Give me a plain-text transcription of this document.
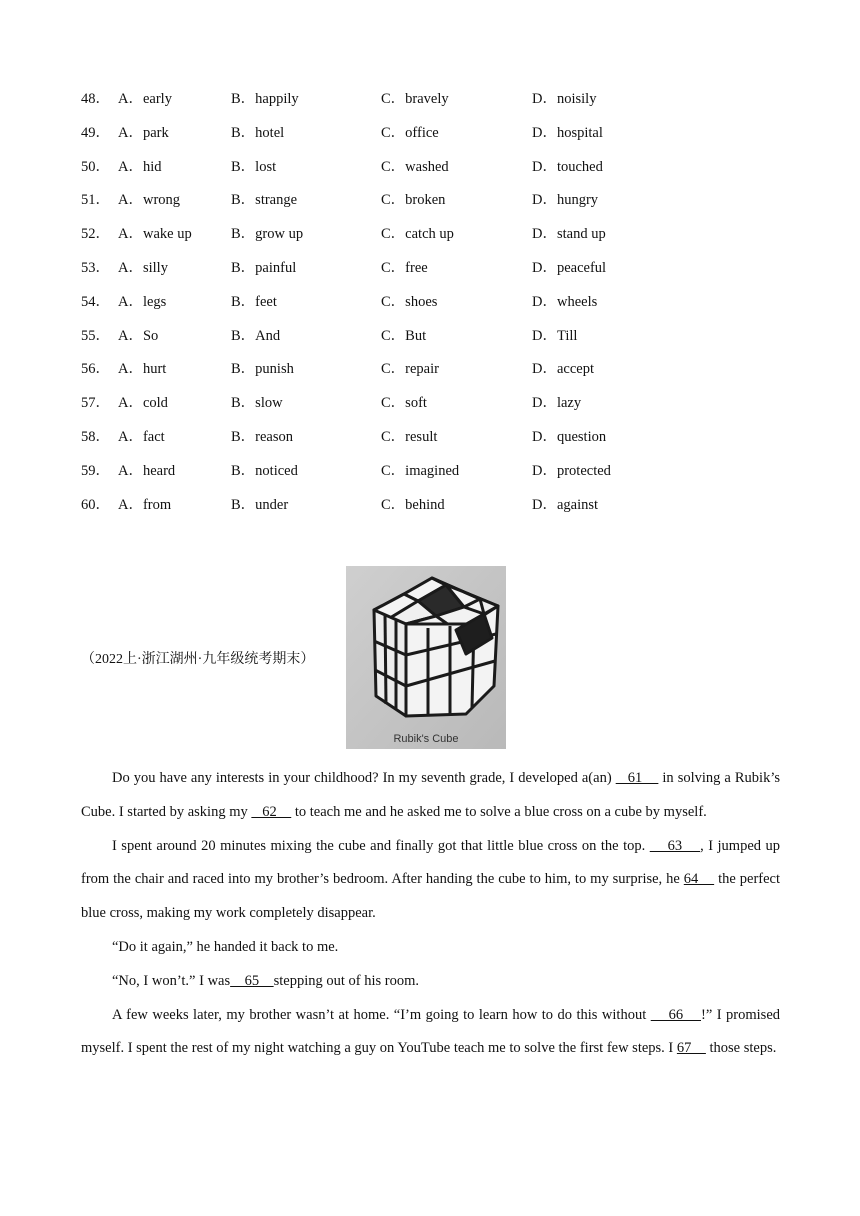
48． A．early	B．happily	C．bravely	D．noisily
49． A．park	B．hotel	C．office	D．hospital
50． A．hid	B．lost	C．washed	D．touched
51． A．wrong	B．strange	C．broken	D．hungry
52． A．wake up	B．grow up	C．catch up	D．stand up
53． A．silly	B．painful	C．free	D．peaceful
54． A．legs	B．feet	C．shoes	D．wheels
55． A．So	B．And	C．But	D．Till
56． A．hurt	B．punish	C．repair	D．accept
57． A．cold	B．slow	C．soft	D．lazy
58． A．fact	B．reason	C．result	D．question
59． A．heard	B．noticed	C．imagined	D．protected
60． A．from	B．under	C．behind	D．against
（2022上·浙江湖州·九年级统考期末）
Rubik's Cube

Do you have any interests in your childhood? In my seventh grade, I developed a(an)    61     in solving a Rubik’s Cube. I started by asking my    62     to teach me and he asked me to solve a blue cross on a cube by myself.

I spent around 20 minutes mixing the cube and finally got that little blue cross on the top.     63    , I jumped up from the chair and raced into my brother’s bedroom. After handing the cube to him, to my surprise, he 64     the perfect blue cross, making my work completely disappear.

“Do it again,” he handed it back to me.

“No, I won’t.” I was    65    stepping out of his room.

A few weeks later, my brother wasn’t at home. “I’m going to learn how to do this without     66    !” I promised myself. I spent the rest of my night watching a guy on YouTube teach me to solve the first few steps. I 67     those steps.
